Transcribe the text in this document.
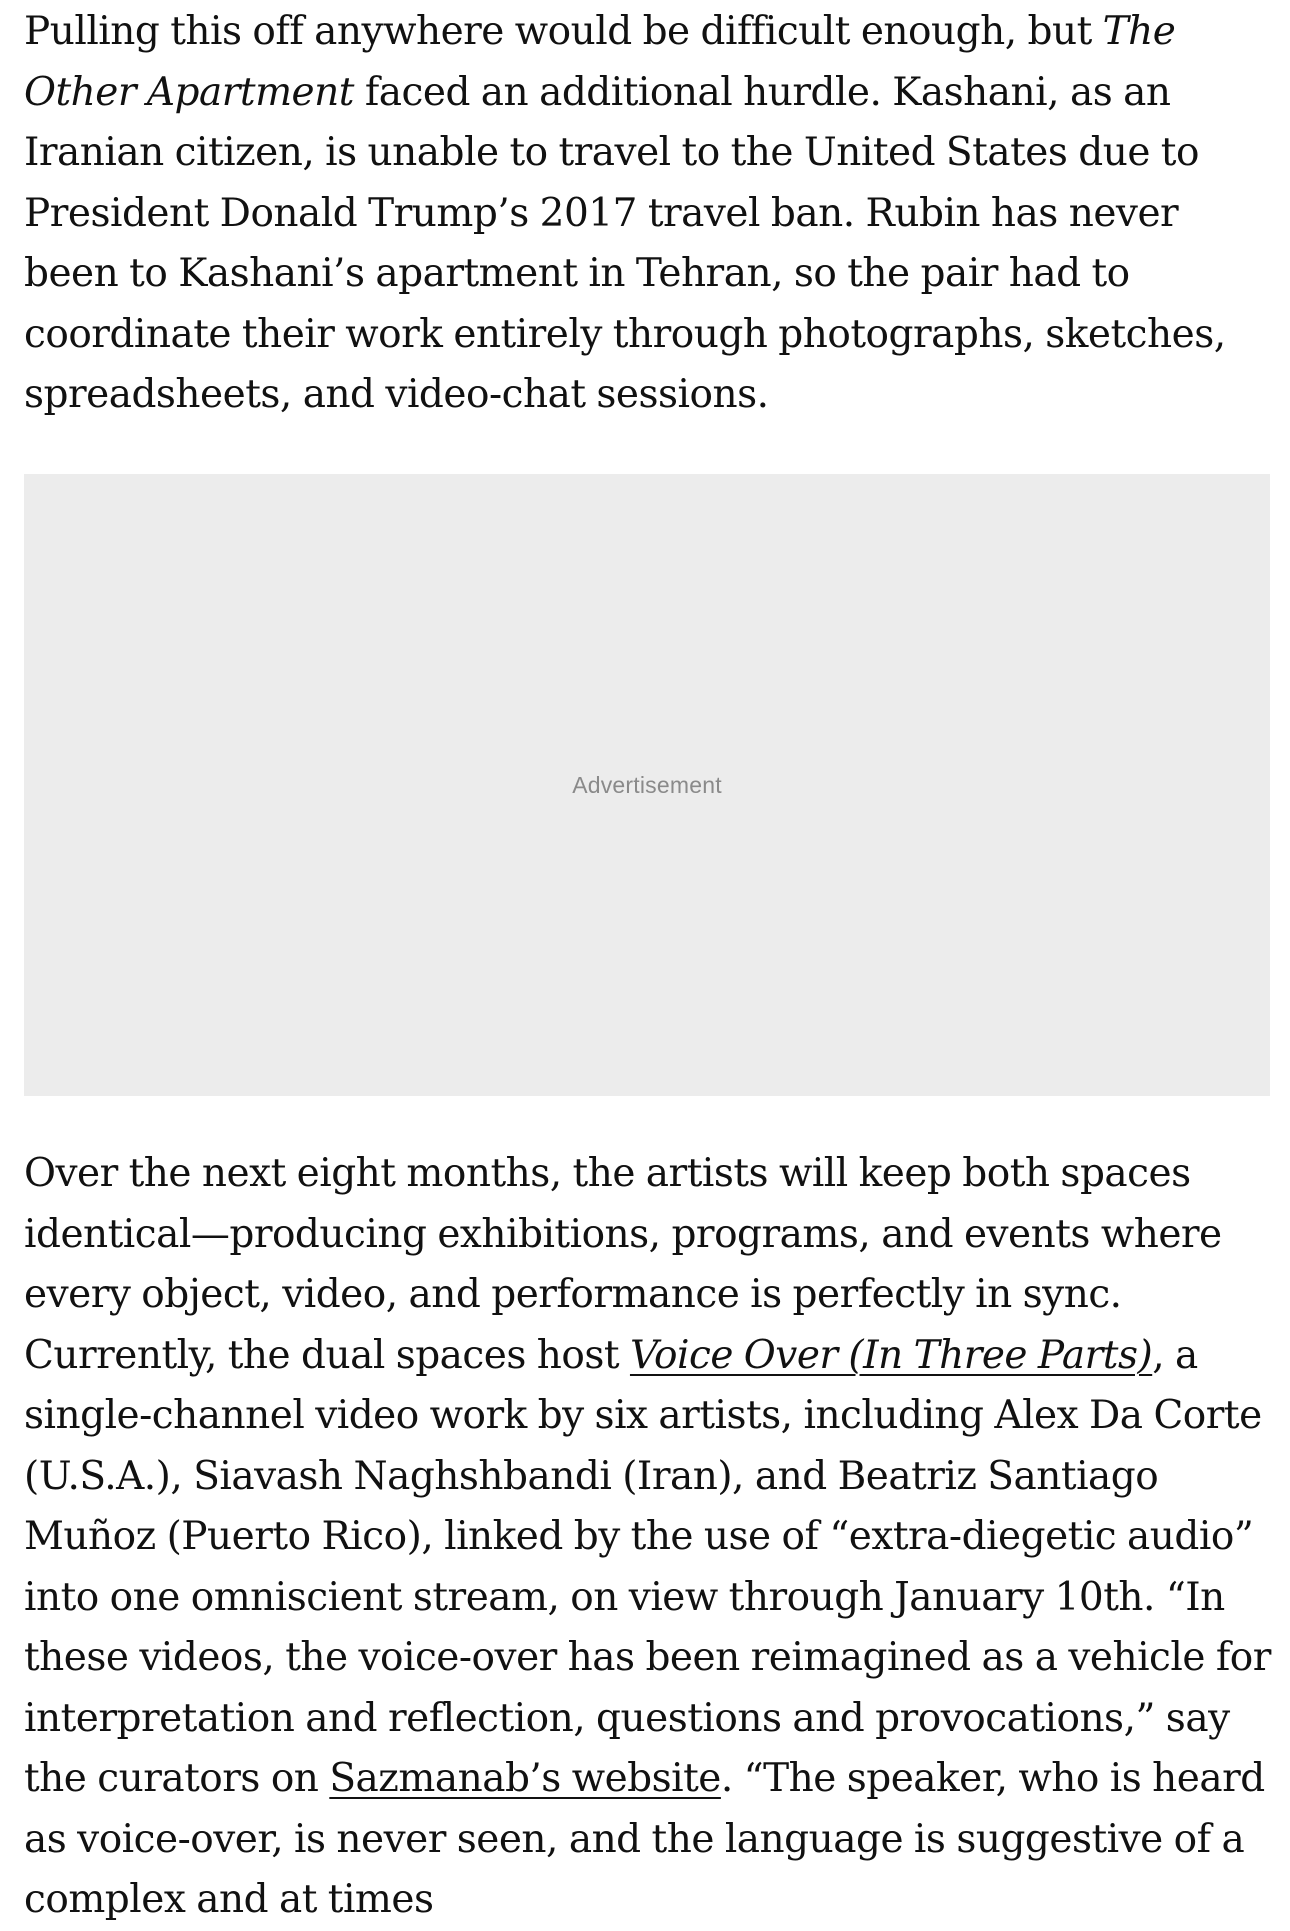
Pulling this off anywhere would be difficult enough, but The Other Apartment faced an additional hurdle. Kashani, as an Iranian citizen, is unable to travel to the United States due to President Donald Trump’s 2017 travel ban. Rubin has never been to Kashani’s apartment in Tehran, so the pair had to coordinate their work entirely through photographs, sketches, spreadsheets, and video-chat sessions.

Over the next eight months, the artists will keep both spaces identical—producing exhibitions, programs, and events where every object, video, and performance is perfectly in sync. Currently, the dual spaces host Voice Over (In Three Parts), a single-channel video work by six artists, including Alex Da Corte (U.S.A.), Siavash Naghshbandi (Iran), and Beatriz Santiago Muñoz (Puerto Rico), linked by the use of “extra-diegetic audio” into one omniscient stream, on view through January 10th. “In these videos, the voice-over has been reimagined as a vehicle for interpretation and reflection, questions and provocations,” say the curators on Sazmanab’s website. “The speaker, who is heard as voice-over, is never seen, and the language is suggestive of a complex and at times

Advertisement
